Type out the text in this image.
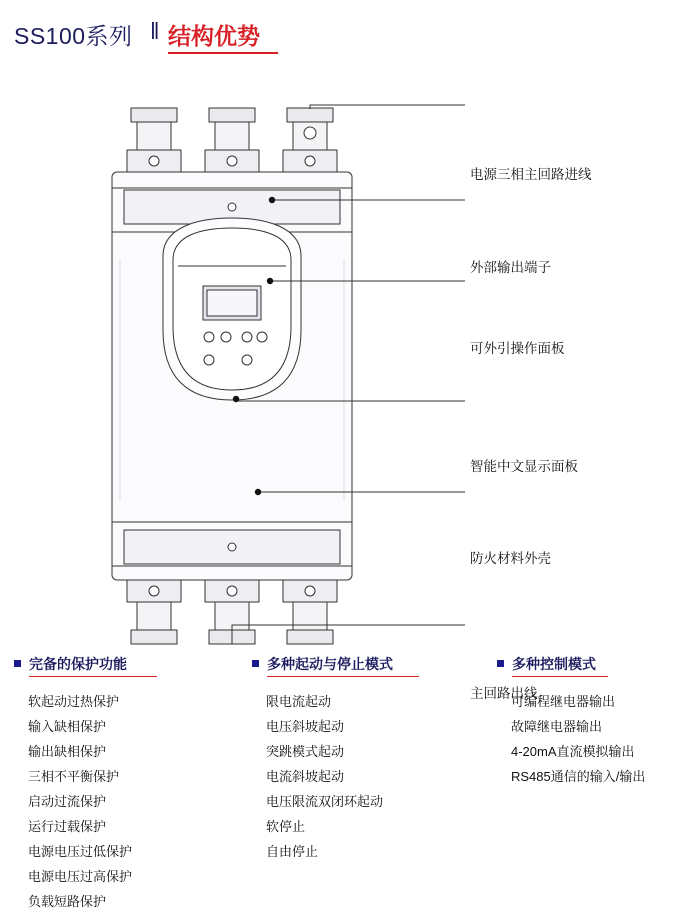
SS100系列 ‖ 结构优势
电源三相主回路进线
外部输出端子
可外引操作面板
智能中文显示面板
防火材料外壳
主回路出线
完备的保护功能
软起动过热保护
输入缺相保护
输出缺相保护
三相不平衡保护
启动过流保护
运行过载保护
电源电压过低保护
电源电压过高保护
负载短路保护
多种起动与停止模式
限电流起动
电压斜坡起动
突跳模式起动
电流斜坡起动
电压限流双闭环起动
软停止
自由停止
多种控制模式
可编程继电器输出
故障继电器输出
4-20mA直流模拟输出
RS485通信的输入/输出
